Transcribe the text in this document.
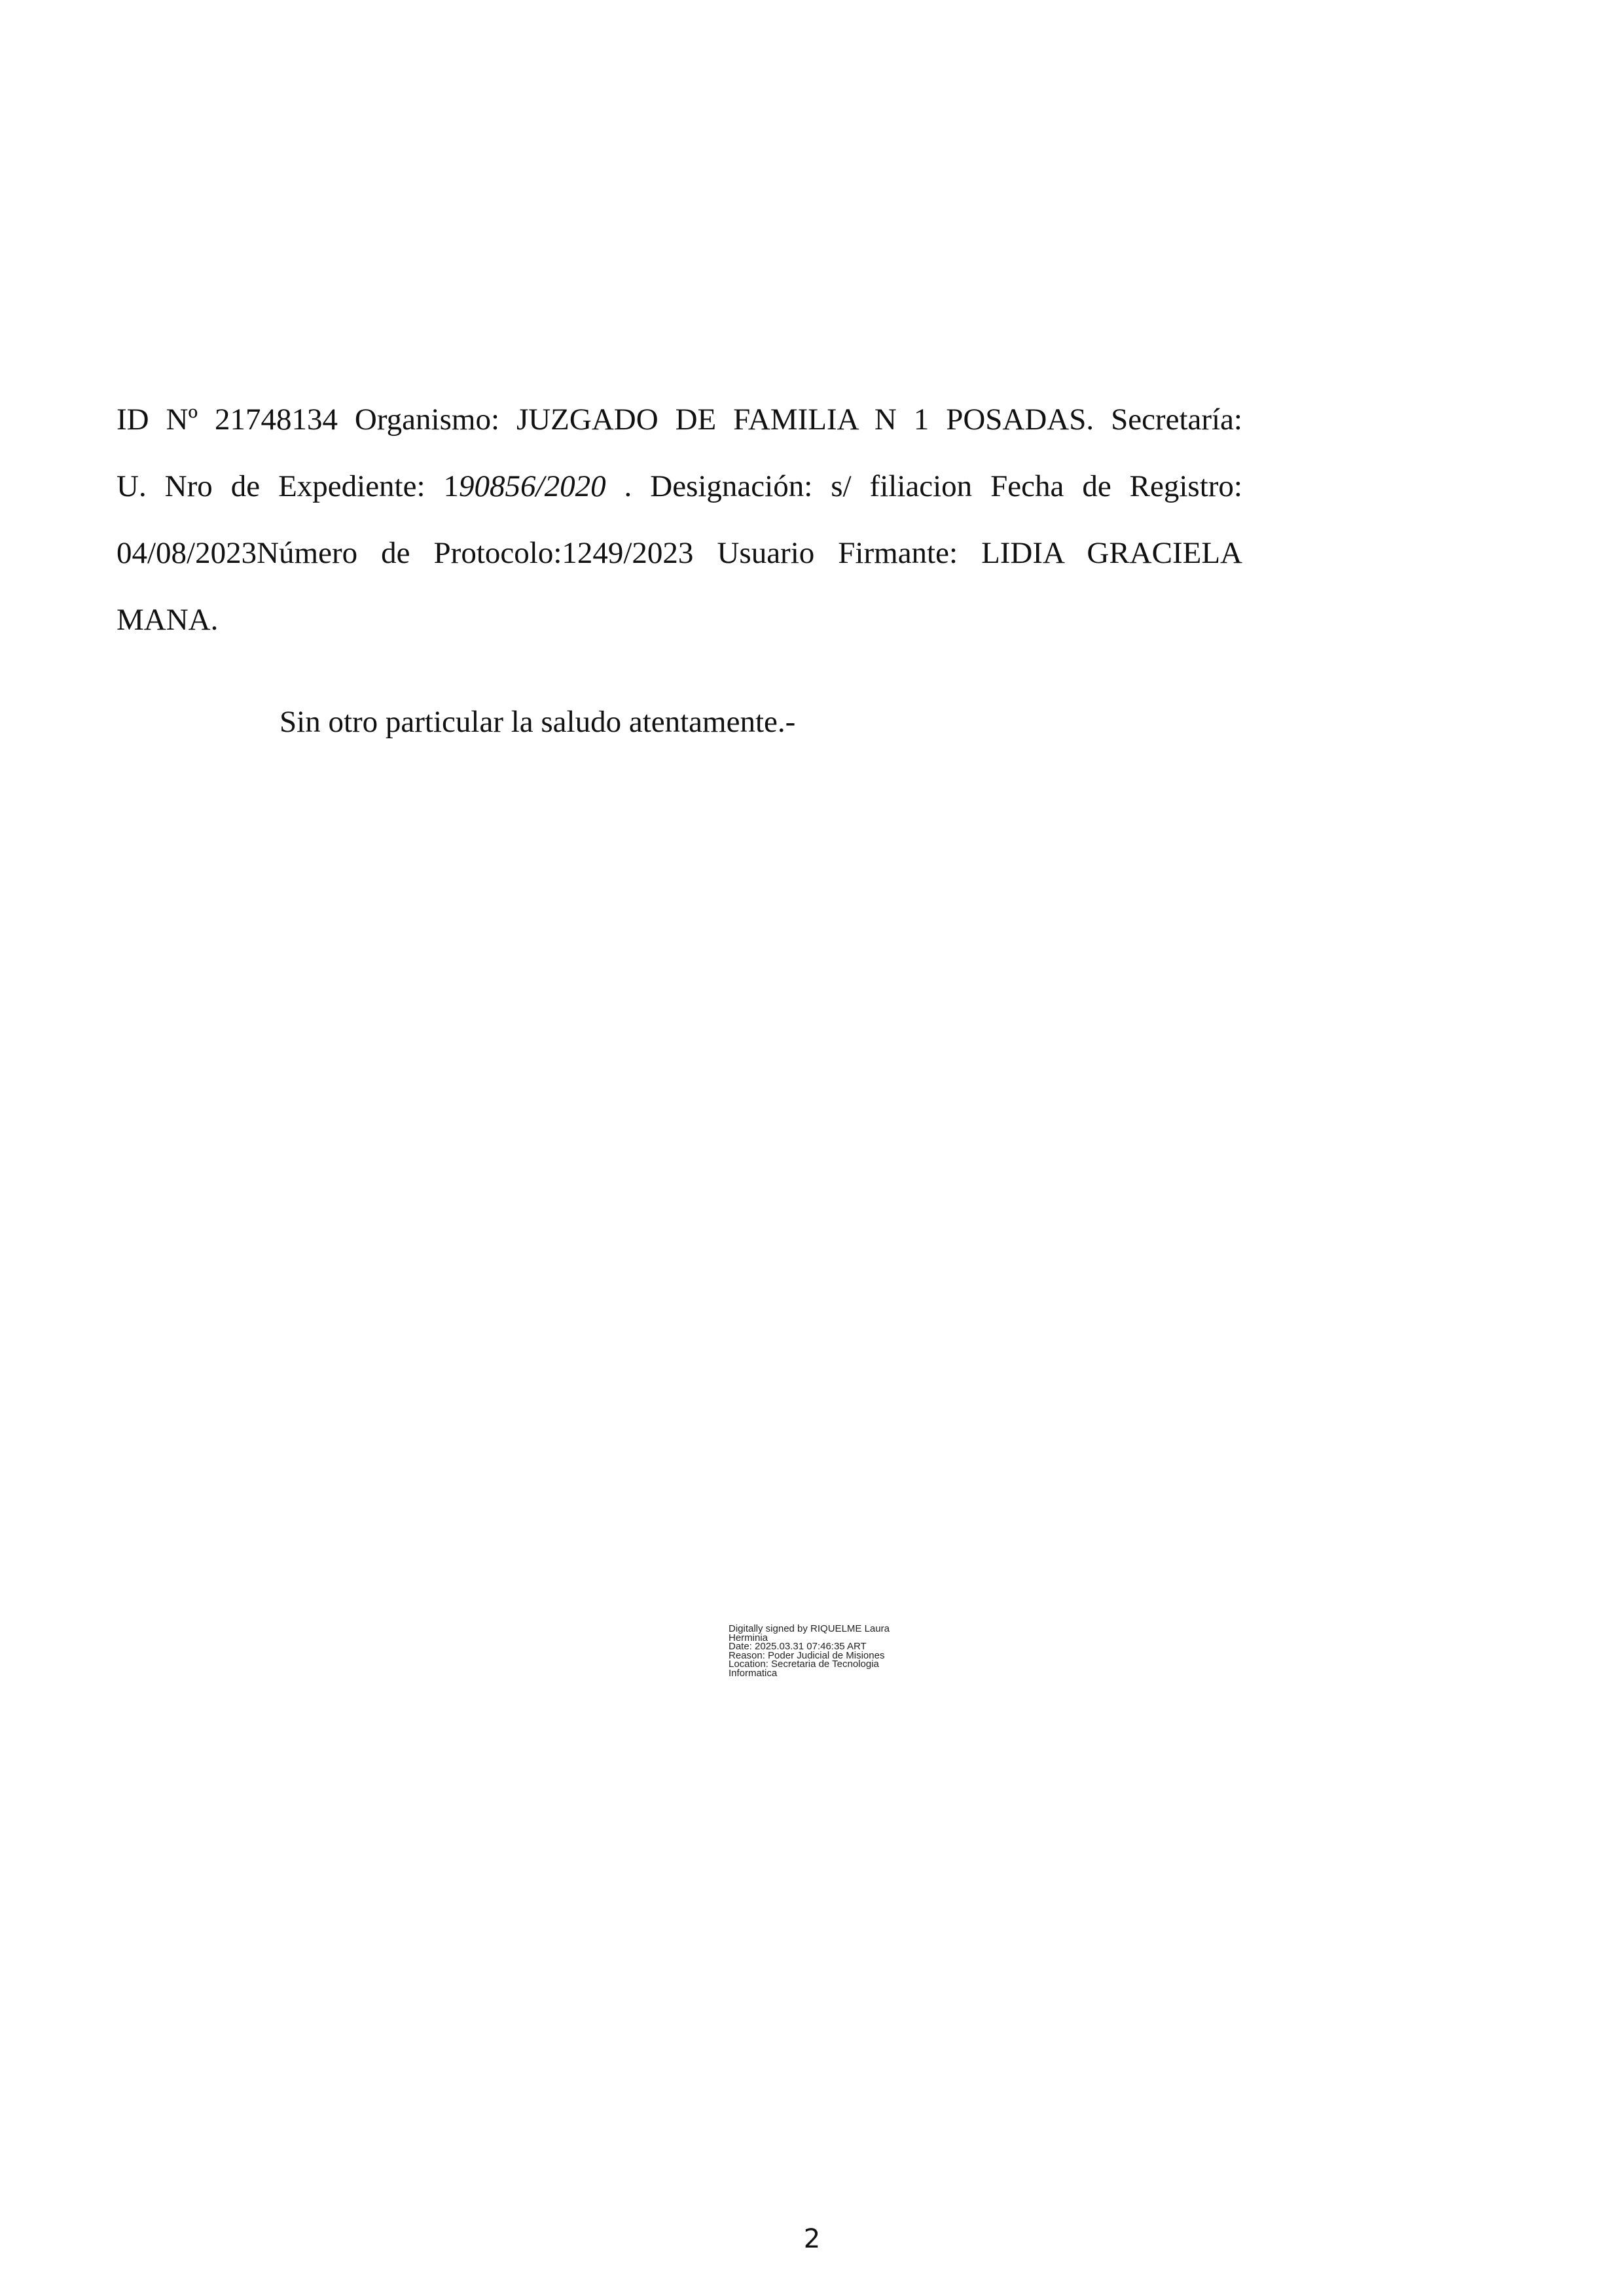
ID Nº 21748134 Organismo: JUZGADO DE FAMILIA N 1 POSADAS. Secretaría:
U. Nro de Expediente: 190856/2020 . Designación: s/ filiacion Fecha de Registro:
04/08/2023Número de Protocolo:1249/2023 Usuario Firmante: LIDIA GRACIELA
MANA.
Sin otro particular la saludo atentamente.-
Digitally signed by RIQUELME Laura
Herminia
Date: 2025.03.31 07:46:35 ART
Reason: Poder Judicial de Misiones
Location: Secretaria de Tecnologia
Informatica
2
